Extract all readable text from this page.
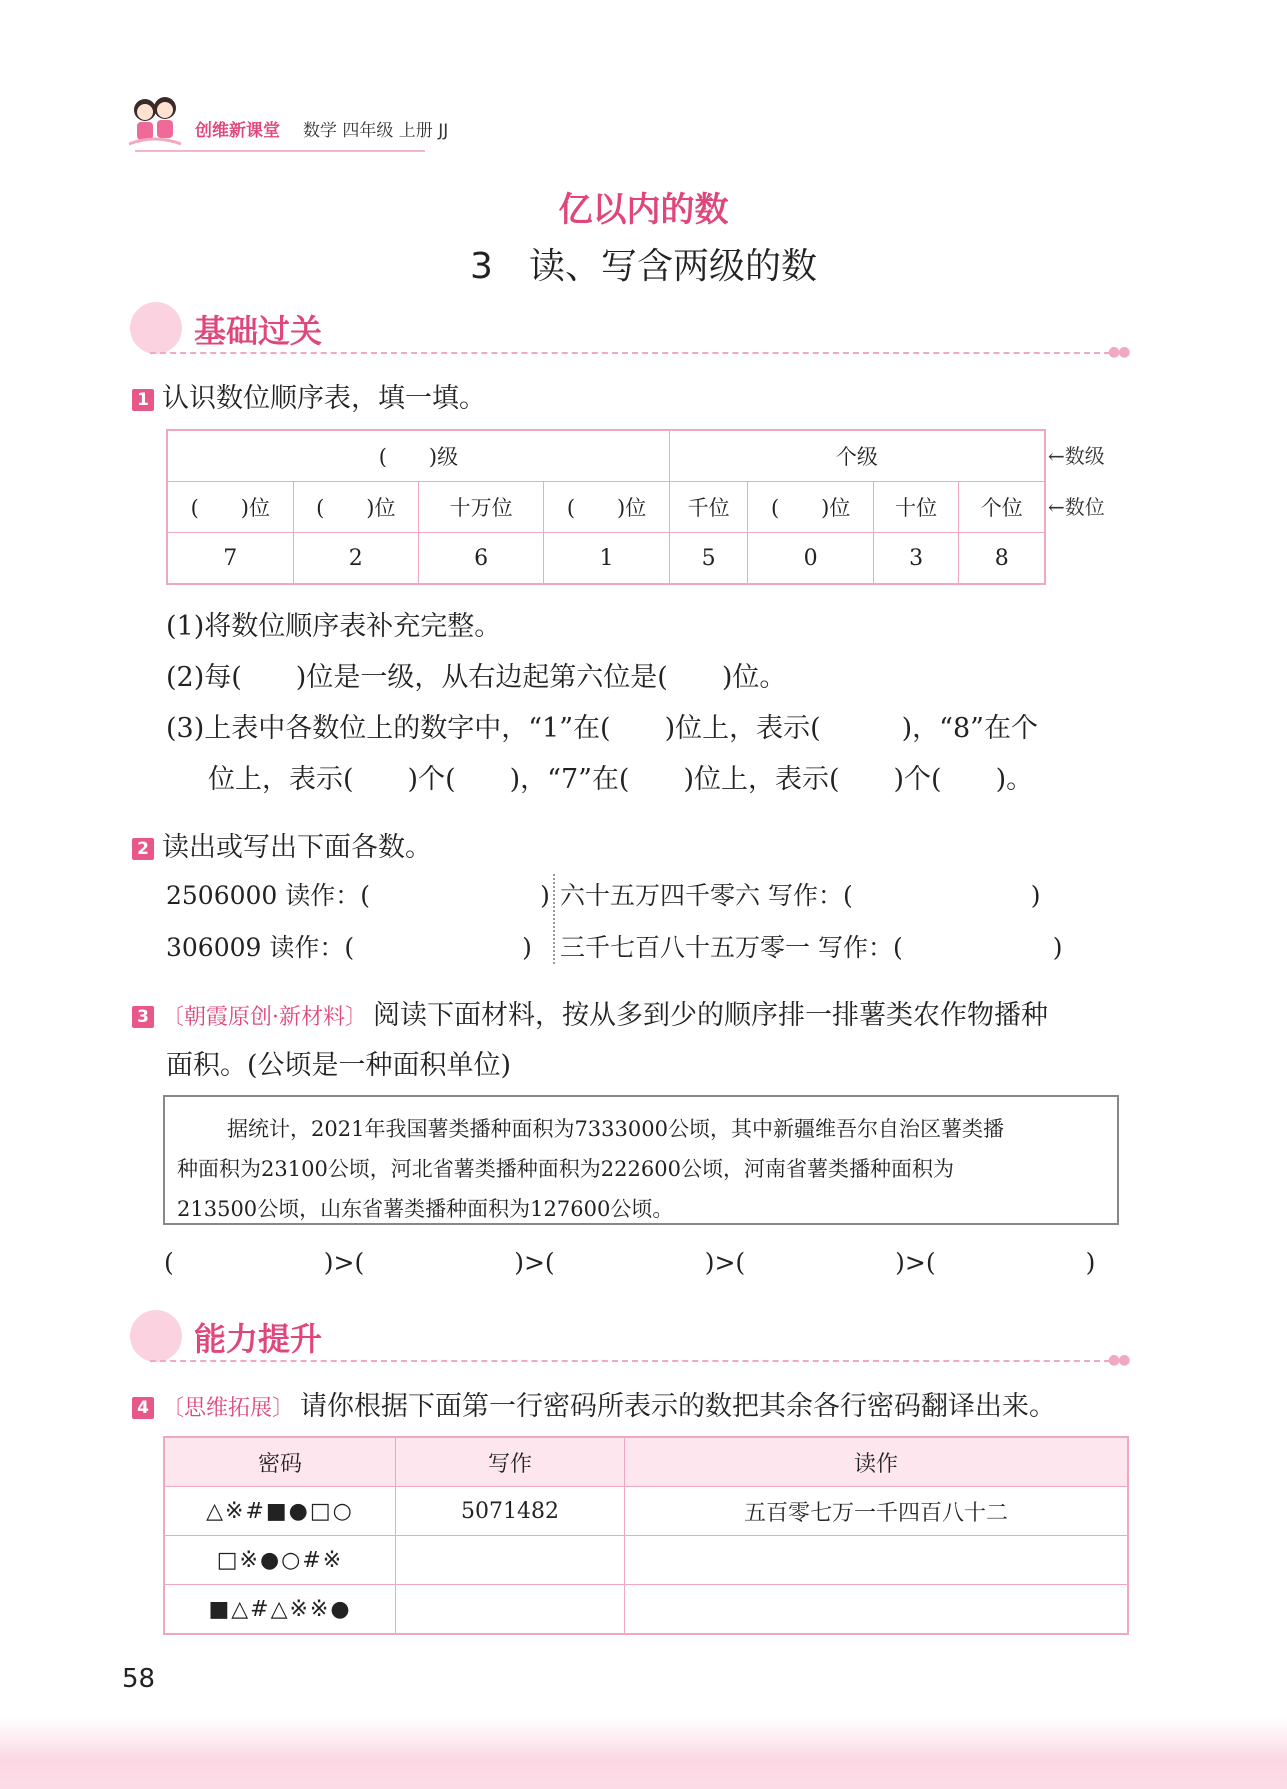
创维新课堂 数学 四年级 上册 JJ
亿以内的数
3　读、写含两级的数
基础过关
●●
1 认识数位顺序表，填一填。
(　　)级				个级			
(　　)位	(　　)位	十万位	(　　)位	千位	(　　)位	十位	个位
7	2	6	1	5	0	3	8
←数级
←数位
(1)将数位顺序表补充完整。
(2)每(　　)位是一级，从右边起第六位是(　　)位。
(3)上表中各数位上的数字中，“1”在(　　)位上，表示(　　　)，“8”在个
位上，表示(　　)个(　　)，“7”在(　　)位上，表示(　　)个(　　)。
2 读出或写出下面各数。
2506000 读作：(	) 六十五万四千零六 写作：(	)
306009 读作：(	) 三千七百八十五万零一 写作：(	)
3 〔朝霞原创·新材料〕 阅读下面材料，按从多到少的顺序排一排薯类农作物播种
面积。(公顷是一种面积单位)
据统计，2021年我国薯类播种面积为7333000公顷，其中新疆维吾尔自治区薯类播
种面积为23100公顷，河北省薯类播种面积为222600公顷，河南省薯类播种面积为
213500公顷，山东省薯类播种面积为127600公顷。
(	)>(	)>(	)>(	)>(	)
能力提升
●●
4 〔思维拓展〕 请你根据下面第一行密码所表示的数把其余各行密码翻译出来。
密码	写作	读作
△※#■●□○	5071482	五百零七万一千四百八十二
□※●○#※		
■△#△※※●		
58
